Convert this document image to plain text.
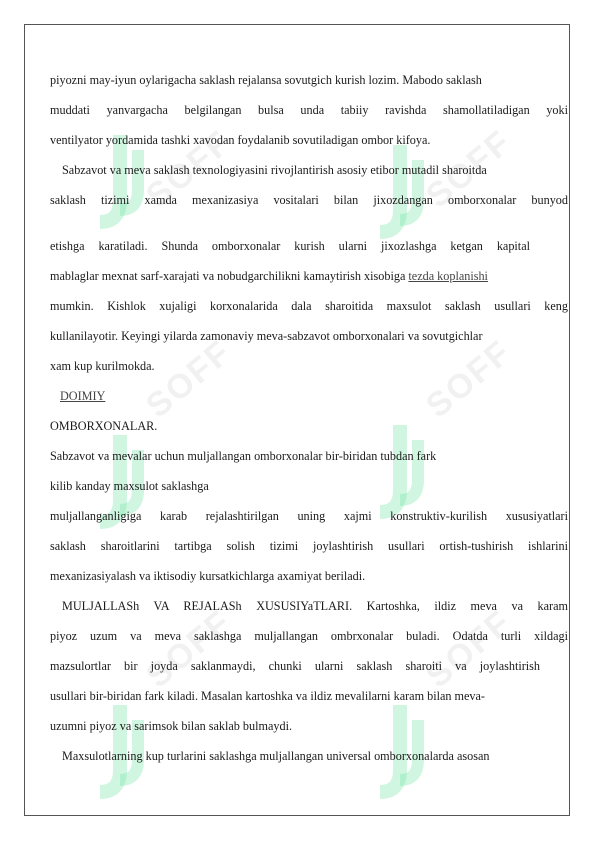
SOFF	SOFF
SOFF	SOFF
SOFF	SOFF
piyozni may-iyun oylarigacha saklash rejalansa sovutgich kurish lozim. Mabodo saklash
muddati yanvargacha belgilangan bulsa unda tabiiy ravishda shamollatiladigan yoki
ventilyator yordamida tashki xavodan foydalanib sovutiladigan ombor kifoya.
Sabzavot va meva saklash texnologiyasini rivojlantirish asosiy etibor mutadil sharoitda
saklash tizimi xamda mexanizasiya vositalari bilan jixozdangan omborxonalar bunyod
etishga karatiladi. Shunda omborxonalar kurish ularni jixozlashga ketgan kapital
mablaglar mexnat sarf-xarajati va nobudgarchilikni kamaytirish xisobiga tezda koplanishi
mumkin. Kishlok xujaligi korxonalarida dala sharoitida maxsulot saklash usullari keng
kullanilayotir. Keyingi yilarda zamonaviy meva-sabzavot omborxonalari va sovutgichlar
xam kup kurilmokda.
DOIMIY
OMBORXONALAR.
Sabzavot va mevalar uchun muljallangan omborxonalar bir-biridan tubdan fark
kilib kanday maxsulot saklashga
muljallanganligiga karab rejalashtirilgan uning xajmi konstruktiv-kurilish xususiyatlari
saklash sharoitlarini tartibga solish tizimi joylashtirish usullari ortish-tushirish ishlarini
mexanizasiyalash va iktisodiy kursatkichlarga axamiyat beriladi.
MULJALLASh VA REJALASh XUSUSIYaTLARI. Kartoshka, ildiz meva va karam
piyoz uzum va meva saklashga muljallangan ombrxonalar buladi. Odatda turli xildagi
mazsulortlar bir joyda saklanmaydi, chunki ularni saklash sharoiti va joylashtirish
usullari bir-biridan fark kiladi. Masalan kartoshka va ildiz mevalilarni karam bilan meva-
uzumni piyoz va sarimsok bilan saklab bulmaydi.
Maxsulotlarning kup turlarini saklashga muljallangan universal omborxonalarda asosan
